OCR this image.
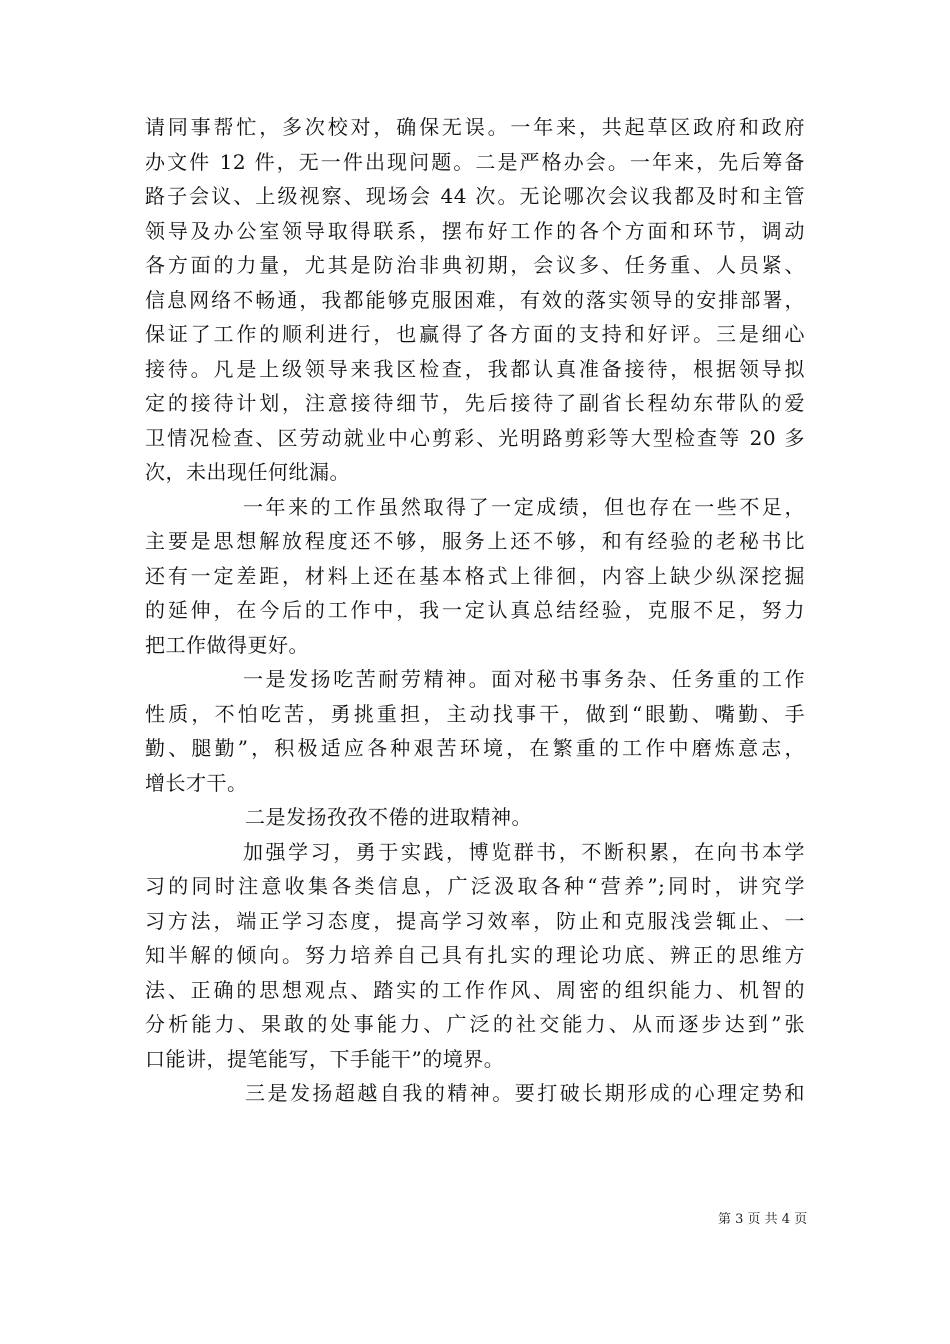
请同事帮忙，多次校对，确保无误。一年来，共起草区政府和政府
办文件 12 件，无一件出现问题。二是严格办会。一年来，先后筹备
路子会议、上级视察、现场会 44 次。无论哪次会议我都及时和主管
领导及办公室领导取得联系，摆布好工作的各个方面和环节，调动
各方面的力量，尤其是防治非典初期，会议多、任务重、人员紧、
信息网络不畅通，我都能够克服困难，有效的落实领导的安排部署，
保证了工作的顺利进行，也赢得了各方面的支持和好评。三是细心
接待。凡是上级领导来我区检查，我都认真准备接待，根据领导拟
定的接待计划，注意接待细节，先后接待了副省长程幼东带队的爱
卫情况检查、区劳动就业中心剪彩、光明路剪彩等大型检查等 20 多
次，未出现任何纰漏。
一年来的工作虽然取得了一定成绩，但也存在一些不足，
主要是思想解放程度还不够，服务上还不够，和有经验的老秘书比
还有一定差距，材料上还在基本格式上徘徊，内容上缺少纵深挖掘
的延伸，在今后的工作中，我一定认真总结经验，克服不足，努力
把工作做得更好。
一是发扬吃苦耐劳精神。面对秘书事务杂、任务重的工作
性质，不怕吃苦，勇挑重担，主动找事干，做到“眼勤、嘴勤、手
勤、腿勤”，积极适应各种艰苦环境，在繁重的工作中磨炼意志，
增长才干。
二是发扬孜孜不倦的进取精神。
加强学习，勇于实践，博览群书，不断积累，在向书本学
习的同时注意收集各类信息，广泛汲取各种“营养”;同时，讲究学
习方法，端正学习态度，提高学习效率，防止和克服浅尝辄止、一
知半解的倾向。努力培养自己具有扎实的理论功底、辨正的思维方
法、正确的思想观点、踏实的工作作风、周密的组织能力、机智的
分析能力、果敢的处事能力、广泛的社交能力、从而逐步达到”张
口能讲，提笔能写，下手能干”的境界。
三是发扬超越自我的精神。要打破长期形成的心理定势和
第 3 页 共 4 页
